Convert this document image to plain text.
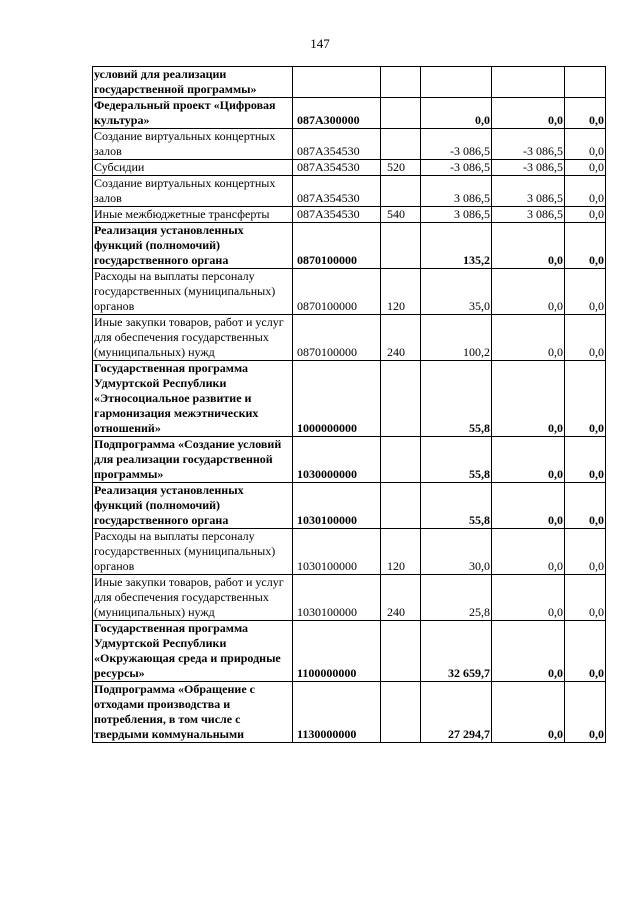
147
условий для реализации государственной программы»					
Федеральный проект «Цифровая культура»	087A300000		0,0	0,0	0,0
Создание виртуальных концертных залов	087A354530		-3 086,5	-3 086,5	0,0
Субсидии	087A354530	520	-3 086,5	-3 086,5	0,0
Создание виртуальных концертных залов	087A354530		3 086,5	3 086,5	0,0
Иные межбюджетные трансферты	087A354530	540	3 086,5	3 086,5	0,0
Реализация установленных функций (полномочий) государственного органа	0870100000		135,2	0,0	0,0
Расходы на выплаты персоналу государственных (муниципальных) органов	0870100000	120	35,0	0,0	0,0
Иные закупки товаров, работ и услуг для обеспечения государственных (муниципальных) нужд	0870100000	240	100,2	0,0	0,0
Государственная программа Удмуртской Республики «Этносоциальное развитие и гармонизация межэтнических отношений»	1000000000		55,8	0,0	0,0
Подпрограмма «Создание условий для реализации государственной программы»	1030000000		55,8	0,0	0,0
Реализация установленных функций (полномочий) государственного органа	1030100000		55,8	0,0	0,0
Расходы на выплаты персоналу государственных (муниципальных) органов	1030100000	120	30,0	0,0	0,0
Иные закупки товаров, работ и услуг для обеспечения государственных (муниципальных) нужд	1030100000	240	25,8	0,0	0,0
Государственная программа Удмуртской Республики «Окружающая среда и природные ресурсы»	1100000000		32 659,7	0,0	0,0
Подпрограмма «Обращение с отходами производства и потребления, в том числе с твердыми коммунальными	1130000000		27 294,7	0,0	0,0
